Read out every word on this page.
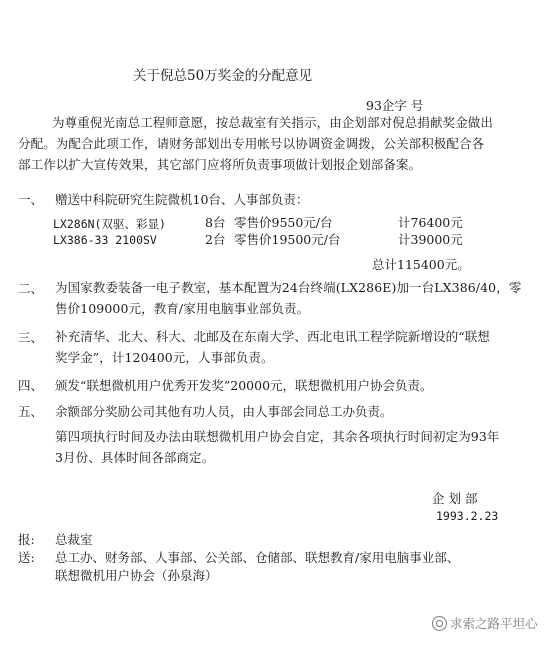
关于倪总50万奖金的分配意见
93企字 号
为尊重倪光南总工程师意愿，按总裁室有关指示，由企划部对倪总捐献奖金做出
分配。为配合此项工作，请财务部划出专用帐号以协调资金调拨，公关部积极配合各
部工作以扩大宣传效果，其它部门应将所负责事项做计划报企划部备案。
一、 赠送中科院研究生院微机10台、人事部负责：
LX286N(双驱、彩显)	8台 零售价9550元/台	计76400元
LX386-33 2100SV	2台 零售价19500元/台	计39000元
总计115400元。
二、 为国家教委装备一电子教室，基本配置为24台终端(LX286E)加一台LX386/40，零
售价109000元，教育/家用电脑事业部负责。
三、 补充清华、北大、科大、北邮及在东南大学、西北电讯工程学院新增设的“联想
奖学金”，计120400元，人事部负责。
四、 颁发“联想微机用户优秀开发奖”20000元，联想微机用户协会负责。
五、 余额部分奖励公司其他有功人员，由人事部会同总工办负责。
第四项执行时间及办法由联想微机用户协会自定，其余各项执行时间初定为93年
3月份、具体时间各部商定。
企 划 部
1993.2.23
报: 总裁室
送: 总工办、财务部、人事部、公关部、仓储部、联想教育/家用电脑事业部、
联想微机用户协会（孙泉海）
求索之路平坦心
